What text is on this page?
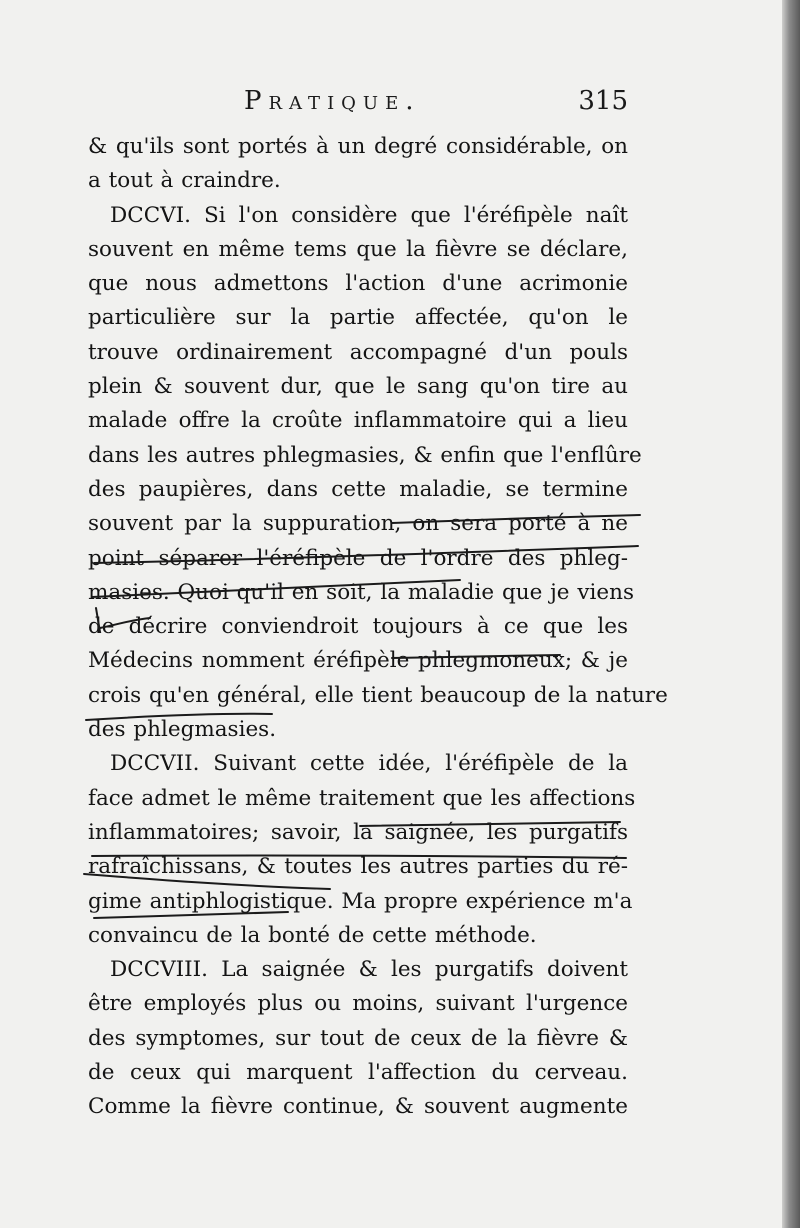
Pratique.	315
& qu'ils sont portés à un degré considérable, on
a tout à craindre.
DCCVI. Si l'on considère que l'éréfipèle naît
souvent en même tems que la fièvre se déclare,
que nous admettons l'action d'une acrimonie
particulière sur la partie affectée, qu'on le
trouve ordinairement accompagné d'un pouls
plein & souvent dur, que le sang qu'on tire au
malade offre la croûte inflammatoire qui a lieu
dans les autres phlegmasies, & enfin que l'enflûre
des paupières, dans cette maladie, se termine
souvent par la suppuration, on sera porté à ne
point séparer l'éréfipèle de l'ordre des phleg-
masies. Quoi qu'il en soit, la maladie que je viens
de décrire conviendroit toujours à ce que les
Médecins nomment éréfipèle phlegmoneux; & je
crois qu'en général, elle tient beaucoup de la nature
des phlegmasies.
DCCVII. Suivant cette idée, l'éréfipèle de la
face admet le même traitement que les affections
inflammatoires; savoir, la saignée, les purgatifs
rafraîchissans, & toutes les autres parties du ré-
gime antiphlogistique. Ma propre expérience m'a
convaincu de la bonté de cette méthode.
DCCVIII. La saignée & les purgatifs doivent
être employés plus ou moins, suivant l'urgence
des symptomes, sur tout de ceux de la fièvre &
de ceux qui marquent l'affection du cerveau.
Comme la fièvre continue, & souvent augmente
